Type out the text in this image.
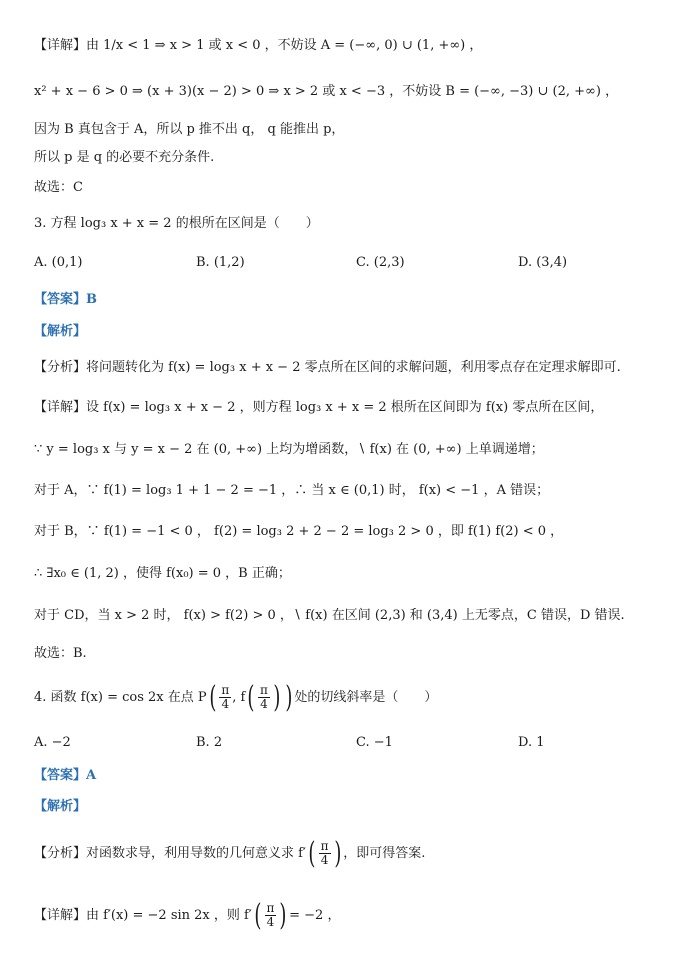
【详解】由 1/x < 1 ⇒ x > 1 或 x < 0 ，不妨设 A = (−∞, 0) ∪ (1, +∞) ，
x² + x − 6 > 0 ⇒ (x + 3)(x − 2) > 0 ⇒ x > 2 或 x < −3 ，不妨设 B = (−∞, −3) ∪ (2, +∞) ，
因为 B 真包含于 A，所以 p 推不出 q， q 能推出 p，
所以 p 是 q 的必要不充分条件.
故选：C
3. 方程 log₃ x + x = 2 的根所在区间是（　　）
A. (0,1)	B. (1,2)	C. (2,3)	D. (3,4)
【答案】B
【解析】
【分析】将问题转化为 f(x) = log₃ x + x − 2 零点所在区间的求解问题，利用零点存在定理求解即可.
【详解】设 f(x) = log₃ x + x − 2 ，则方程 log₃ x + x = 2 根所在区间即为 f(x) 零点所在区间，
∵ y = log₃ x 与 y = x − 2 在 (0, +∞) 上均为增函数，∖ f(x) 在 (0, +∞) 上单调递增；
对于 A，∵ f(1) = log₃ 1 + 1 − 2 = −1 ，∴ 当 x ∈ (0,1) 时， f(x) < −1 ，A 错误；
对于 B，∵ f(1) = −1 < 0 ， f(2) = log₃ 2 + 2 − 2 = log₃ 2 > 0 ，即 f(1) f(2) < 0 ，
∴ ∃x₀ ∈ (1, 2) ，使得 f(x₀) = 0 ，B 正确；
对于 CD，当 x > 2 时， f(x) > f(2) > 0 ，∖ f(x) 在区间 (2,3) 和 (3,4) 上无零点，C 错误，D 错误.
故选：B.
4. 函数 f(x) = cos 2x 在点 $P( \frac{\pi}{4}$ , $f( \frac{\pi}{4}$ ) ) 处的切线斜率是（　　）
A. −2	B. 2	C. −1	D. 1
【答案】A
【解析】
【分析】对函数求导，利用导数的几何意义求 $f'( \frac{\pi}{4}$ ) ，即可得答案.
【详解】由 f′(x) = −2 sin 2x ，则 $f'( \frac{\pi}{4}$ ) = −2 ，
